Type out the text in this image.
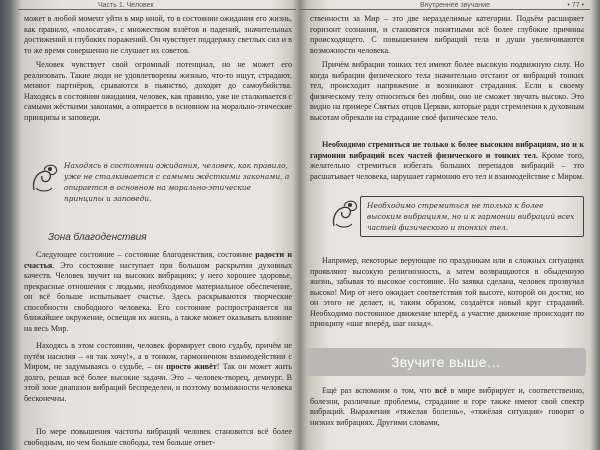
Часть 1. Человек

может в любой момент уйти в мир иной, то в состоянии ожидания его жизнь, как правило, «полосатая», с множеством взлётов и падений, значительных достижений и глубоких поражений. Он чувствует поддержку светлых сил и в то же время совершенно не слушает их советов.

Человек чувствует свой огромный потенциал, но не может его реализовать. Такие люди не удовлетворены жизнью, что-то ищут, страдают, меняют партнёров, срываются в пьянство, доходят до самоубийства. Находясь в состоянии ожидания, человек, как правило, уже не сталкивается с самыми жёсткими законами, а опирается в основном на морально-этические принципы и заповеди.

Находясь в состоянии ожидания, человек, как правило, уже не сталкивается с самыми жёсткими законами, а опирается в основном на морально-этические принципы и заповеди.

Зона благоденствия

Следующее состояние – состояние благоденствия, состояние радости и счастья. Это состояние наступает при большом раскрытии духовных качеств. Человек звучит на высоких вибрациях; у него хорошее здоровье, прекрасные отношения с людьми, необходимое материальное обеспечение, он всё больше испытывает счастье. Здесь раскрываются творческие способности свободного человека. Его состояние распространяется на ближайшее окружение, освещая их жизнь, а также может оказывать влияние на весь Мир.

Находясь в этом состоянии, человек формирует свою судьбу, причём не путём насилия – «я так хочу!», а в тонком, гармоничном взаимодействии с Миром, не задумываясь о судьбе, – он просто живёт! Так он может жить долго, решая всё более высокие задачи. Это – человек-творец, демиург. В этой зоне диапазон вибраций беспределен, и поэтому возможности человека бесконечны.

По мере повышения частоты вибраций человек становится всё более свободным, но чем больше свободы, тем больше ответ-

Внутреннее звучание	• 77 •

ственности за Мир – это две неразделимые категории. Подъём расширяет горизонт сознания, и становятся понятными всё более глубокие причины происходящего. С повышением вибраций тела и души увеличиваются возможности человека.

Причём вибрации тонких тел имеют более высокую подвижную силу. Но когда вибрации физического тела значительно отстают от вибраций тонких тел, происходит напряжение и возникают страдания. Если к своему физическому телу относиться без любви, оно не сможет звучать высоко. Это видно на примере Святых отцов Церкви, которые ради стремления к духовным высотам обрекали на страдание своё физическое тело.

Необходимо стремиться не только к более высоким вибрациям, но и к гармонии вибраций всех частей физического и тонких тел. Кроме того, желательно стремиться избегать больших перепадов вибраций – это расшатывает человека, нарушает гармонию его тел и взаимодействие с Миром.

Необходимо стремиться не только к более высоким вибрациям, но и к гармонии вибраций всех частей физического и тонких тел.

Например, некоторые верующие по праздникам или в сложных ситуациях проявляют высокую религиозность, а затем возвращаются в обыденную жизнь, забывая то высокое состояние. Но заявка сделана, человек прозвучал высоко! Мир от него ожидает соответствия той высоте, которой он достиг, но он этого не делает, и, таким образом, создаётся новый круг страданий. Необходимо постоянное движение вперёд, а участие движение происходит по принципу «шаг вперёд, шаг назад».

Звучите выше…

Ещё раз вспомним о том, что всё в мире вибрирует и, соответственно, болезни, различные проблемы, страдание и горе также имеют свой спектр вибраций. Выражения «тяжелая болезнь», «тяжёлая ситуация» говорят о низких вибрациях. Другими словами,
